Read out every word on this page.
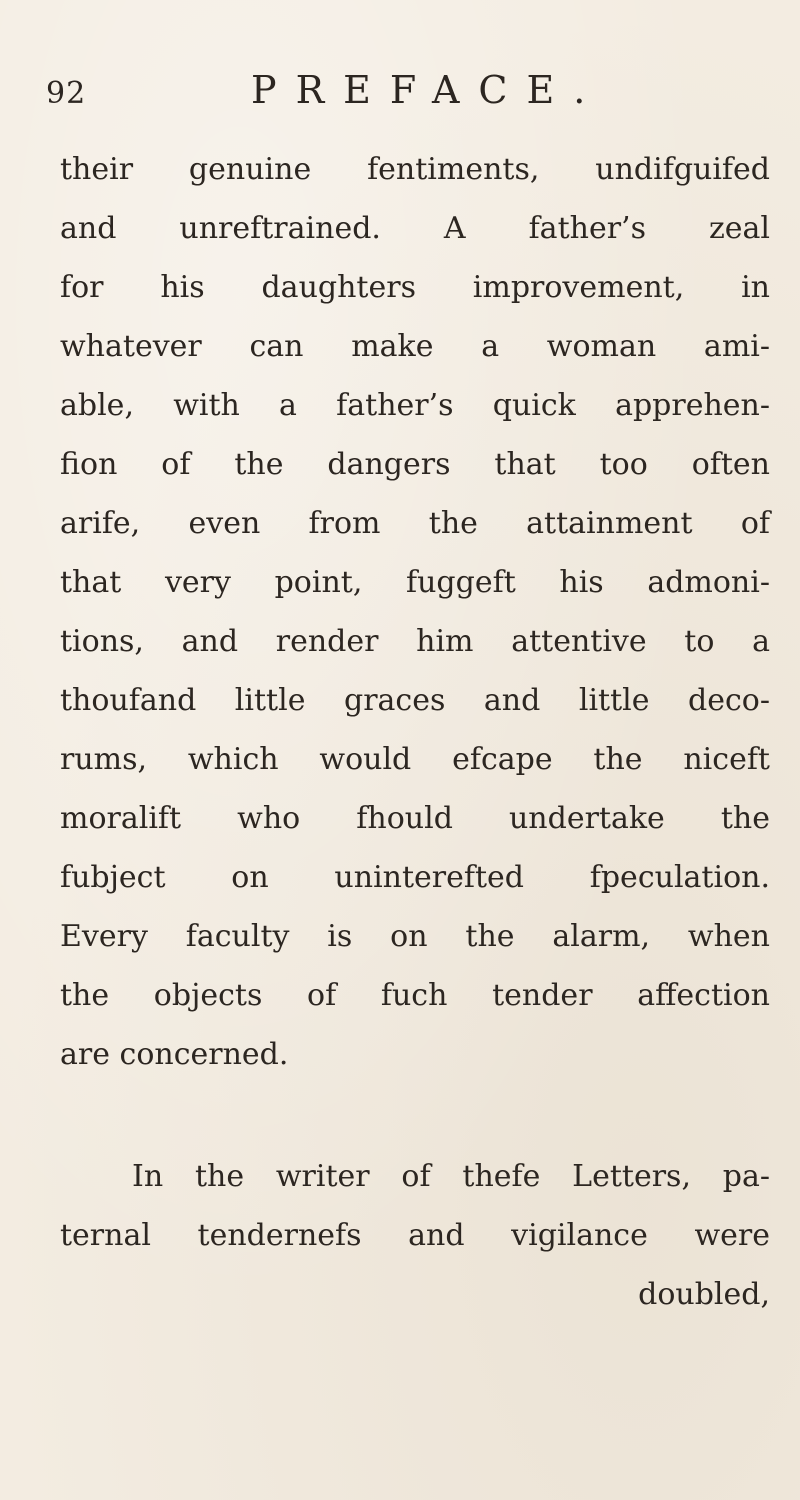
92	PREFACE.
their genuine fentiments, undifguifed
and unreftrained. A father’s zeal
for his daughters improvement, in
whatever can make a woman ami-
able, with a father’s quick apprehen-
fion of the dangers that too often
arife, even from the attainment of
that very point, fuggeft his admoni-
tions, and render him attentive to a
thoufand little graces and little deco-
rums, which would efcape the niceft
moralift who fhould undertake the
fubject on uninterefted fpeculation.
Every faculty is on the alarm, when
the objects of fuch tender affection
are concerned.
In the writer of thefe Letters, pa-
ternal tendernefs and vigilance were
doubled,
